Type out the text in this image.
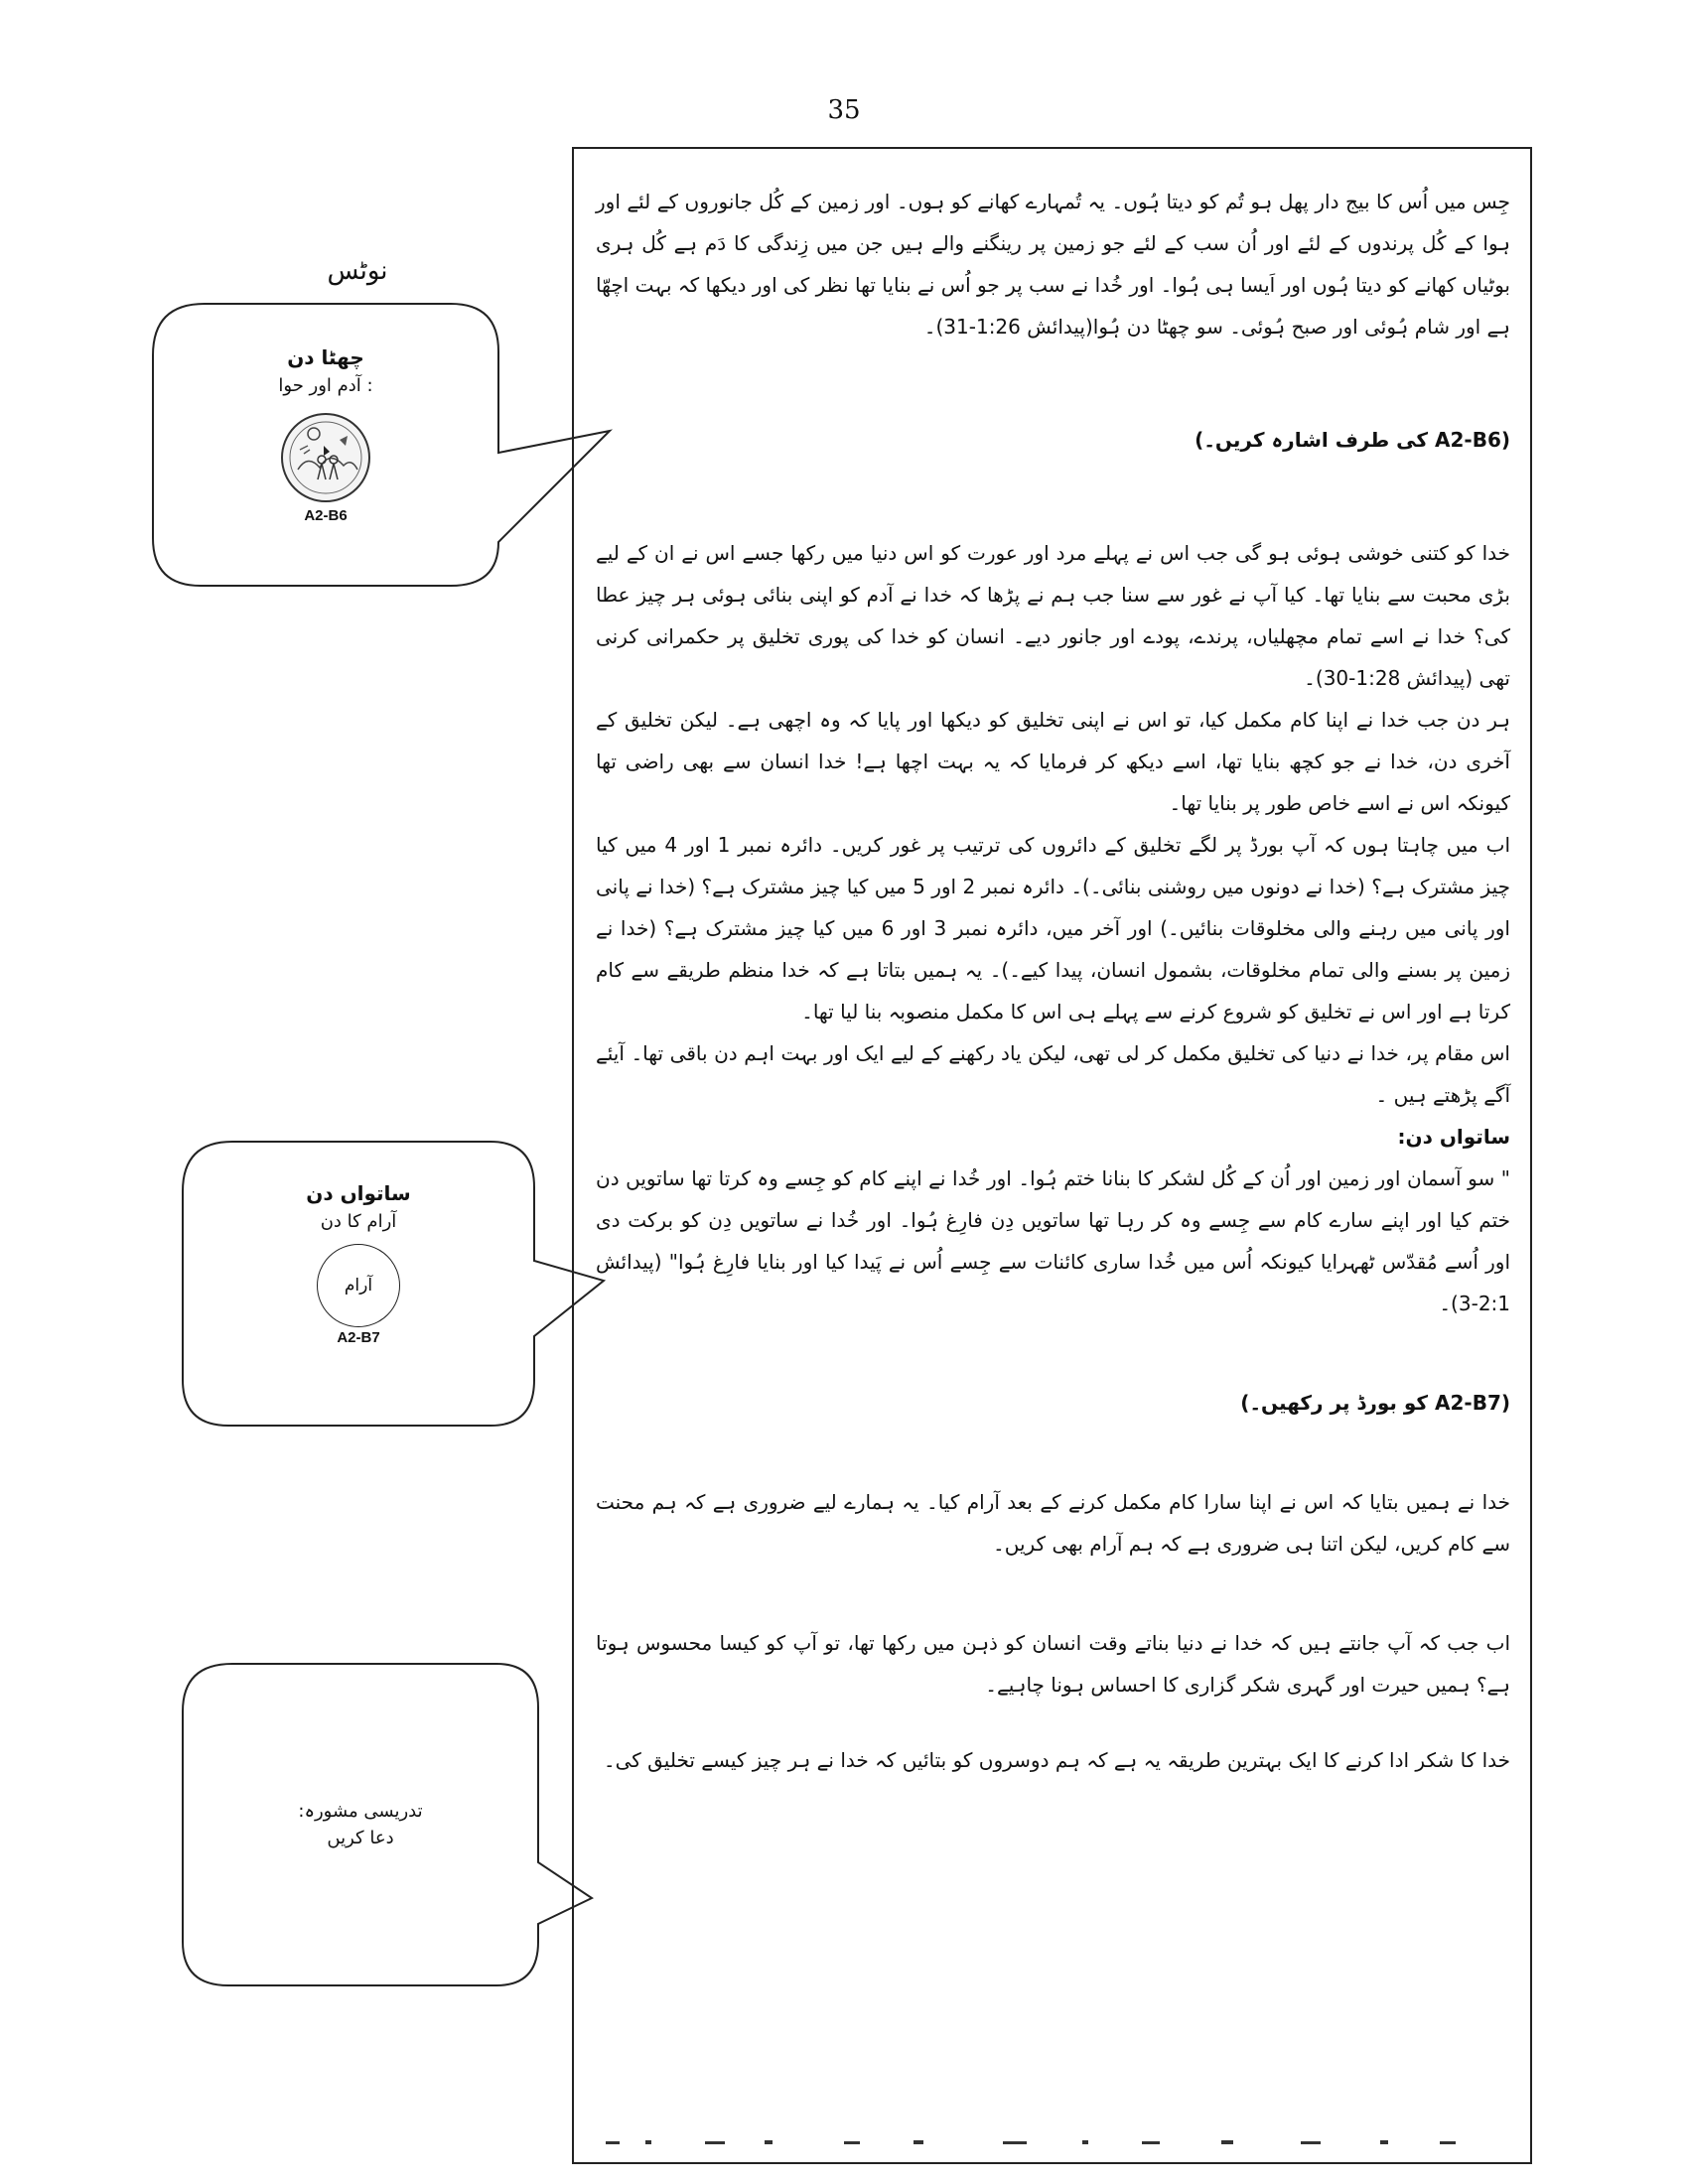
35
نوٹس

چھٹا دن

: آدم اور حوا

A2-B6

ساتواں دن

آرام کا دن

آرام
A2-B7

تدریسی مشورہ:

دعا کریں

جِس میں اُس کا بیج دار پھل ہو تُم کو دیتا ہُوں۔ یہ تُمہارے کھانے کو ہوں۔ اور زمین کے کُل جانوروں کے لئے اور ہوا کے کُل پرندوں کے لئے اور اُن سب کے لئے جو زمین پر رینگنے والے ہیں جن میں زِندگی کا دَم ہے کُل ہری بوٹیاں کھانے کو دیتا ہُوں اور اَیسا ہی ہُوا۔ اور خُدا نے سب پر جو اُس نے بنایا تھا نظر کی اور دیکھا کہ بہت اچھّا ہے اور شام ہُوئی اور صبح ہُوئی۔ سو چھٹا دن ہُوا(پیدائش 1:26-31)۔

(A2-B6 کی طرف اشارہ کریں۔)

خدا کو کتنی خوشی ہوئی ہو گی جب اس نے پہلے مرد اور عورت کو اس دنیا میں رکھا جسے اس نے ان کے لیے بڑی محبت سے بنایا تھا۔ کیا آپ نے غور سے سنا جب ہم نے پڑھا کہ خدا نے آدم کو اپنی بنائی ہوئی ہر چیز عطا کی؟ خدا نے اسے تمام مچھلیاں، پرندے، پودے اور جانور دیے۔ انسان کو خدا کی پوری تخلیق پر حکمرانی کرنی تھی (پیدائش 1:28-30)۔

ہر دن جب خدا نے اپنا کام مکمل کیا، تو اس نے اپنی تخلیق کو دیکھا اور پایا کہ وہ اچھی ہے۔ لیکن تخلیق کے آخری دن، خدا نے جو کچھ بنایا تھا، اسے دیکھ کر فرمایا کہ یہ بہت اچھا ہے! خدا انسان سے بھی راضی تھا کیونکہ اس نے اسے خاص طور پر بنایا تھا۔

اب میں چاہتا ہوں کہ آپ بورڈ پر لگے تخلیق کے دائروں کی ترتیب پر غور کریں۔ دائرہ نمبر 1 اور 4 میں کیا چیز مشترک ہے؟ (خدا نے دونوں میں روشنی بنائی۔)۔ دائرہ نمبر 2 اور 5 میں کیا چیز مشترک ہے؟ (خدا نے پانی اور پانی میں رہنے والی مخلوقات بنائیں۔) اور آخر میں، دائرہ نمبر 3 اور 6 میں کیا چیز مشترک ہے؟ (خدا نے زمین پر بسنے والی تمام مخلوقات، بشمول انسان، پیدا کیے۔)۔ یہ ہمیں بتاتا ہے کہ خدا منظم طریقے سے کام کرتا ہے اور اس نے تخلیق کو شروع کرنے سے پہلے ہی اس کا مکمل منصوبہ بنا لیا تھا۔

اس مقام پر، خدا نے دنیا کی تخلیق مکمل کر لی تھی، لیکن یاد رکھنے کے لیے ایک اور بہت اہم دن باقی تھا۔ آیئے آگے پڑھتے ہیں ۔

ساتواں دن:

" سو آسمان اور زمین اور اُن کے کُل لشکر کا بنانا ختم ہُوا۔ اور خُدا نے اپنے کام کو جِسے وہ کرتا تھا ساتویں دن ختم کیا اور اپنے سارے کام سے جِسے وہ کر رہا تھا ساتویں دِن فارِغ ہُوا۔ اور خُدا نے ساتویں دِن کو برکت دی اور اُسے مُقدّس ٹھہرایا کیونکہ اُس میں خُدا ساری کائنات سے جِسے اُس نے پَیدا کیا اور بنایا فارِغ ہُوا" (پیدائش 2:1-3)۔

(A2-B7 کو بورڈ پر رکھیں۔)

خدا نے ہمیں بتایا کہ اس نے اپنا سارا کام مکمل کرنے کے بعد آرام کیا۔ یہ ہمارے لیے ضروری ہے کہ ہم محنت سے کام کریں، لیکن اتنا ہی ضروری ہے کہ ہم آرام بھی کریں۔

اب جب کہ آپ جانتے ہیں کہ خدا نے دنیا بناتے وقت انسان کو ذہن میں رکھا تھا، تو آپ کو کیسا محسوس ہوتا ہے؟ ہمیں حیرت اور گہری شکر گزاری کا احساس ہونا چاہیے۔

خدا کا شکر ادا کرنے کا ایک بہترین طریقہ یہ ہے کہ ہم دوسروں کو بتائیں کہ خدا نے ہر چیز کیسے تخلیق کی۔
